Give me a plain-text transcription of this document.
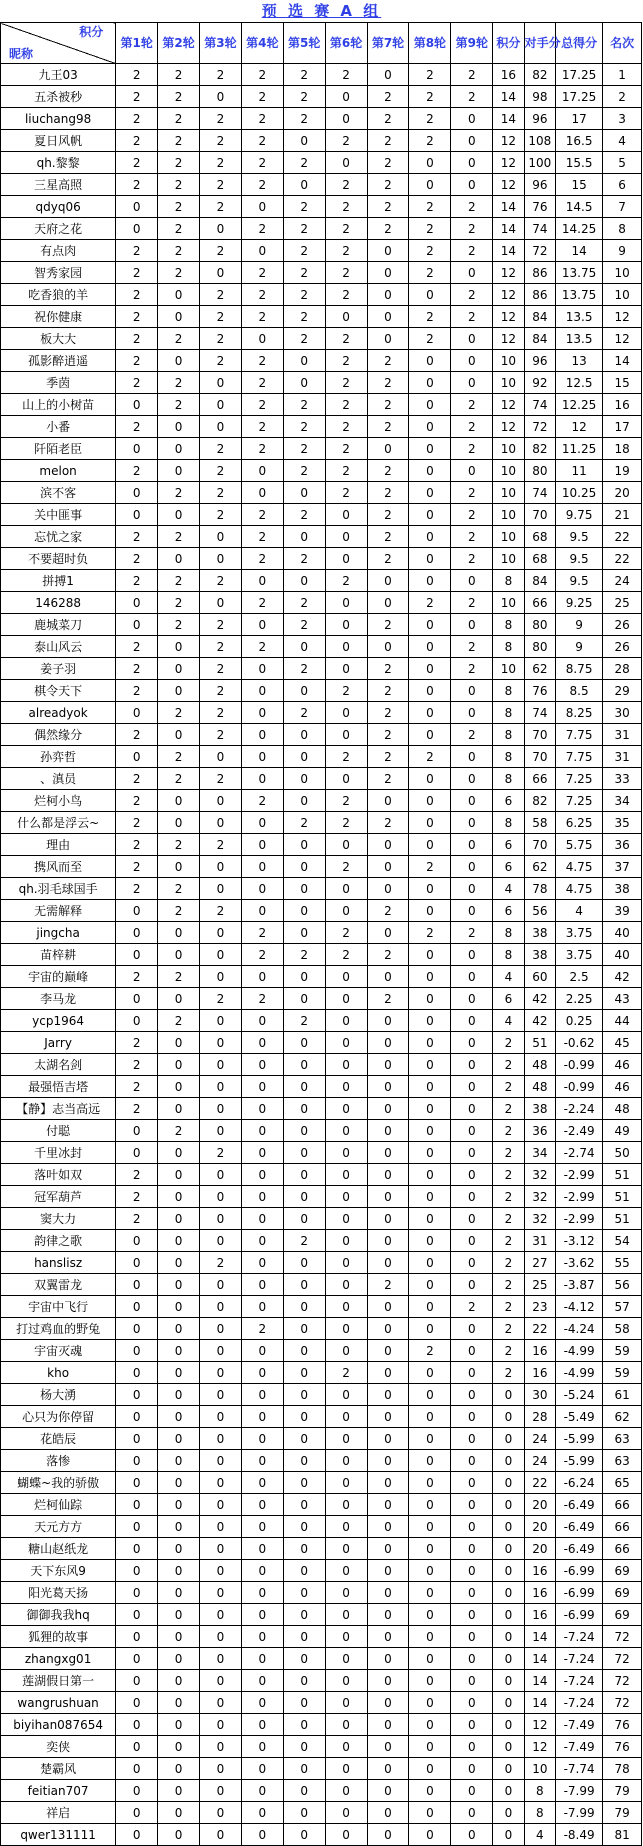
预 选 赛 A 组
积分
昵称	第1轮	第2轮	第3轮	第4轮	第5轮	第6轮	第7轮	第8轮	第9轮	积分	对手分	总得分	名次
九王03	2	2	2	2	2	2	0	2	2	16	82	17.25	1
五杀被秒	2	2	0	2	2	0	2	2	2	14	98	17.25	2
liuchang98	2	2	2	2	2	0	2	2	0	14	96	17	3
夏日风帆	2	2	2	2	0	2	2	2	0	12	108	16.5	4
qh.黎黎	2	2	2	2	2	0	2	0	0	12	100	15.5	5
三星高照	2	2	2	2	0	2	2	0	0	12	96	15	6
qdyq06	0	2	2	0	2	2	2	2	2	14	76	14.5	7
天府之花	0	2	0	2	2	2	2	2	2	14	74	14.25	8
有点肉	2	2	2	0	2	2	0	2	2	14	72	14	9
智秀家园	2	2	0	2	2	2	0	2	0	12	86	13.75	10
吃香狼的羊	2	0	2	2	2	2	0	0	2	12	86	13.75	10
祝你健康	2	0	2	2	2	0	0	2	2	12	84	13.5	12
板大大	2	2	2	0	2	2	0	2	0	12	84	13.5	12
孤影醉逍遥	2	0	2	2	0	2	2	0	0	10	96	13	14
季茵	2	2	0	2	0	2	2	0	0	10	92	12.5	15
山上的小树苗	0	2	0	2	2	2	2	0	2	12	74	12.25	16
小番	2	0	0	2	2	2	2	0	2	12	72	12	17
阡陌老臣	0	0	2	2	2	2	0	0	2	10	82	11.25	18
melon	2	0	2	0	2	2	2	0	0	10	80	11	19
滨不客	0	2	2	0	0	2	2	0	2	10	74	10.25	20
关中匪事	0	0	2	2	2	0	2	0	2	10	70	9.75	21
忘忧之家	2	2	0	2	0	0	2	0	2	10	68	9.5	22
不要超时负	2	0	0	2	2	0	2	0	2	10	68	9.5	22
拼搏1	2	2	2	0	0	2	0	0	0	8	84	9.5	24
146288	0	2	0	2	2	0	0	2	2	10	66	9.25	25
鹿城菜刀	0	2	2	0	2	0	2	0	0	8	80	9	26
泰山风云	2	0	2	2	0	0	0	0	2	8	80	9	26
姜子羽	2	0	2	0	2	0	2	0	2	10	62	8.75	28
棋令天下	2	0	2	0	0	2	2	0	0	8	76	8.5	29
alreadyok	0	2	2	0	2	0	2	0	0	8	74	8.25	30
偶然缘分	2	0	2	0	0	0	2	0	2	8	70	7.75	31
孙弈哲	0	2	0	0	0	2	2	2	0	8	70	7.75	31
、滇员	2	2	2	0	0	0	2	0	0	8	66	7.25	33
烂柯小鸟	2	0	0	2	0	2	0	0	0	6	82	7.25	34
什么都是浮云~	2	0	0	0	2	2	2	0	0	8	58	6.25	35
理由	2	2	2	0	0	0	0	0	0	6	70	5.75	36
携风而至	2	0	0	0	0	2	0	2	0	6	62	4.75	37
qh.羽毛球国手	2	2	0	0	0	0	0	0	0	4	78	4.75	38
无需解释	0	2	2	0	0	0	2	0	0	6	56	4	39
jingcha	0	0	0	2	0	2	0	2	2	8	38	3.75	40
苗梓耕	0	0	0	2	2	2	2	0	0	8	38	3.75	40
宇宙的巅峰	2	2	0	0	0	0	0	0	0	4	60	2.5	42
李马龙	0	0	2	2	0	0	2	0	0	6	42	2.25	43
ycp1964	0	2	0	0	2	0	0	0	0	4	42	0.25	44
Jarry	2	0	0	0	0	0	0	0	0	2	51	-0.62	45
太湖名剑	2	0	0	0	0	0	0	0	0	2	48	-0.99	46
最强悟吉塔	2	0	0	0	0	0	0	0	0	2	48	-0.99	46
【静】志当高远	2	0	0	0	0	0	0	0	0	2	38	-2.24	48
付聪	0	2	0	0	0	0	0	0	0	2	36	-2.49	49
千里冰封	0	0	2	0	0	0	0	0	0	2	34	-2.74	50
落叶如双	2	0	0	0	0	0	0	0	0	2	32	-2.99	51
冠军葫芦	2	0	0	0	0	0	0	0	0	2	32	-2.99	51
窦大力	2	0	0	0	0	0	0	0	0	2	32	-2.99	51
韵律之歌	0	0	0	0	2	0	0	0	0	2	31	-3.12	54
hanslisz	0	0	2	0	0	0	0	0	0	2	27	-3.62	55
双翼雷龙	0	0	0	0	0	0	2	0	0	2	25	-3.87	56
宇宙中飞行	0	0	0	0	0	0	0	0	2	2	23	-4.12	57
打过鸡血的野兔	0	0	0	2	0	0	0	0	0	2	22	-4.24	58
宇宙灭魂	0	0	0	0	0	0	0	2	0	2	16	-4.99	59
kho	0	0	0	0	0	2	0	0	0	2	16	-4.99	59
杨大湧	0	0	0	0	0	0	0	0	0	0	30	-5.24	61
心只为你停留	0	0	0	0	0	0	0	0	0	0	28	-5.49	62
花皓辰	0	0	0	0	0	0	0	0	0	0	24	-5.99	63
落惨	0	0	0	0	0	0	0	0	0	0	24	-5.99	63
蝴蝶~我的骄傲	0	0	0	0	0	0	0	0	0	0	22	-6.24	65
烂柯仙踪	0	0	0	0	0	0	0	0	0	0	20	-6.49	66
天元方方	0	0	0	0	0	0	0	0	0	0	20	-6.49	66
糖山赵纸龙	0	0	0	0	0	0	0	0	0	0	20	-6.49	66
天下东风9	0	0	0	0	0	0	0	0	0	0	16	-6.99	69
阳光葛天扬	0	0	0	0	0	0	0	0	0	0	16	-6.99	69
御御我我hq	0	0	0	0	0	0	0	0	0	0	16	-6.99	69
狐狸的故事	0	0	0	0	0	0	0	0	0	0	14	-7.24	72
zhangxg01	0	0	0	0	0	0	0	0	0	0	14	-7.24	72
莲湖假日第一	0	0	0	0	0	0	0	0	0	0	14	-7.24	72
wangrushuan	0	0	0	0	0	0	0	0	0	0	14	-7.24	72
biyihan087654	0	0	0	0	0	0	0	0	0	0	12	-7.49	76
奕侠	0	0	0	0	0	0	0	0	0	0	12	-7.49	76
楚霸风	0	0	0	0	0	0	0	0	0	0	10	-7.74	78
feitian707	0	0	0	0	0	0	0	0	0	0	8	-7.99	79
祥启	0	0	0	0	0	0	0	0	0	0	8	-7.99	79
qwer131111	0	0	0	0	0	0	0	0	0	0	4	-8.49	81
